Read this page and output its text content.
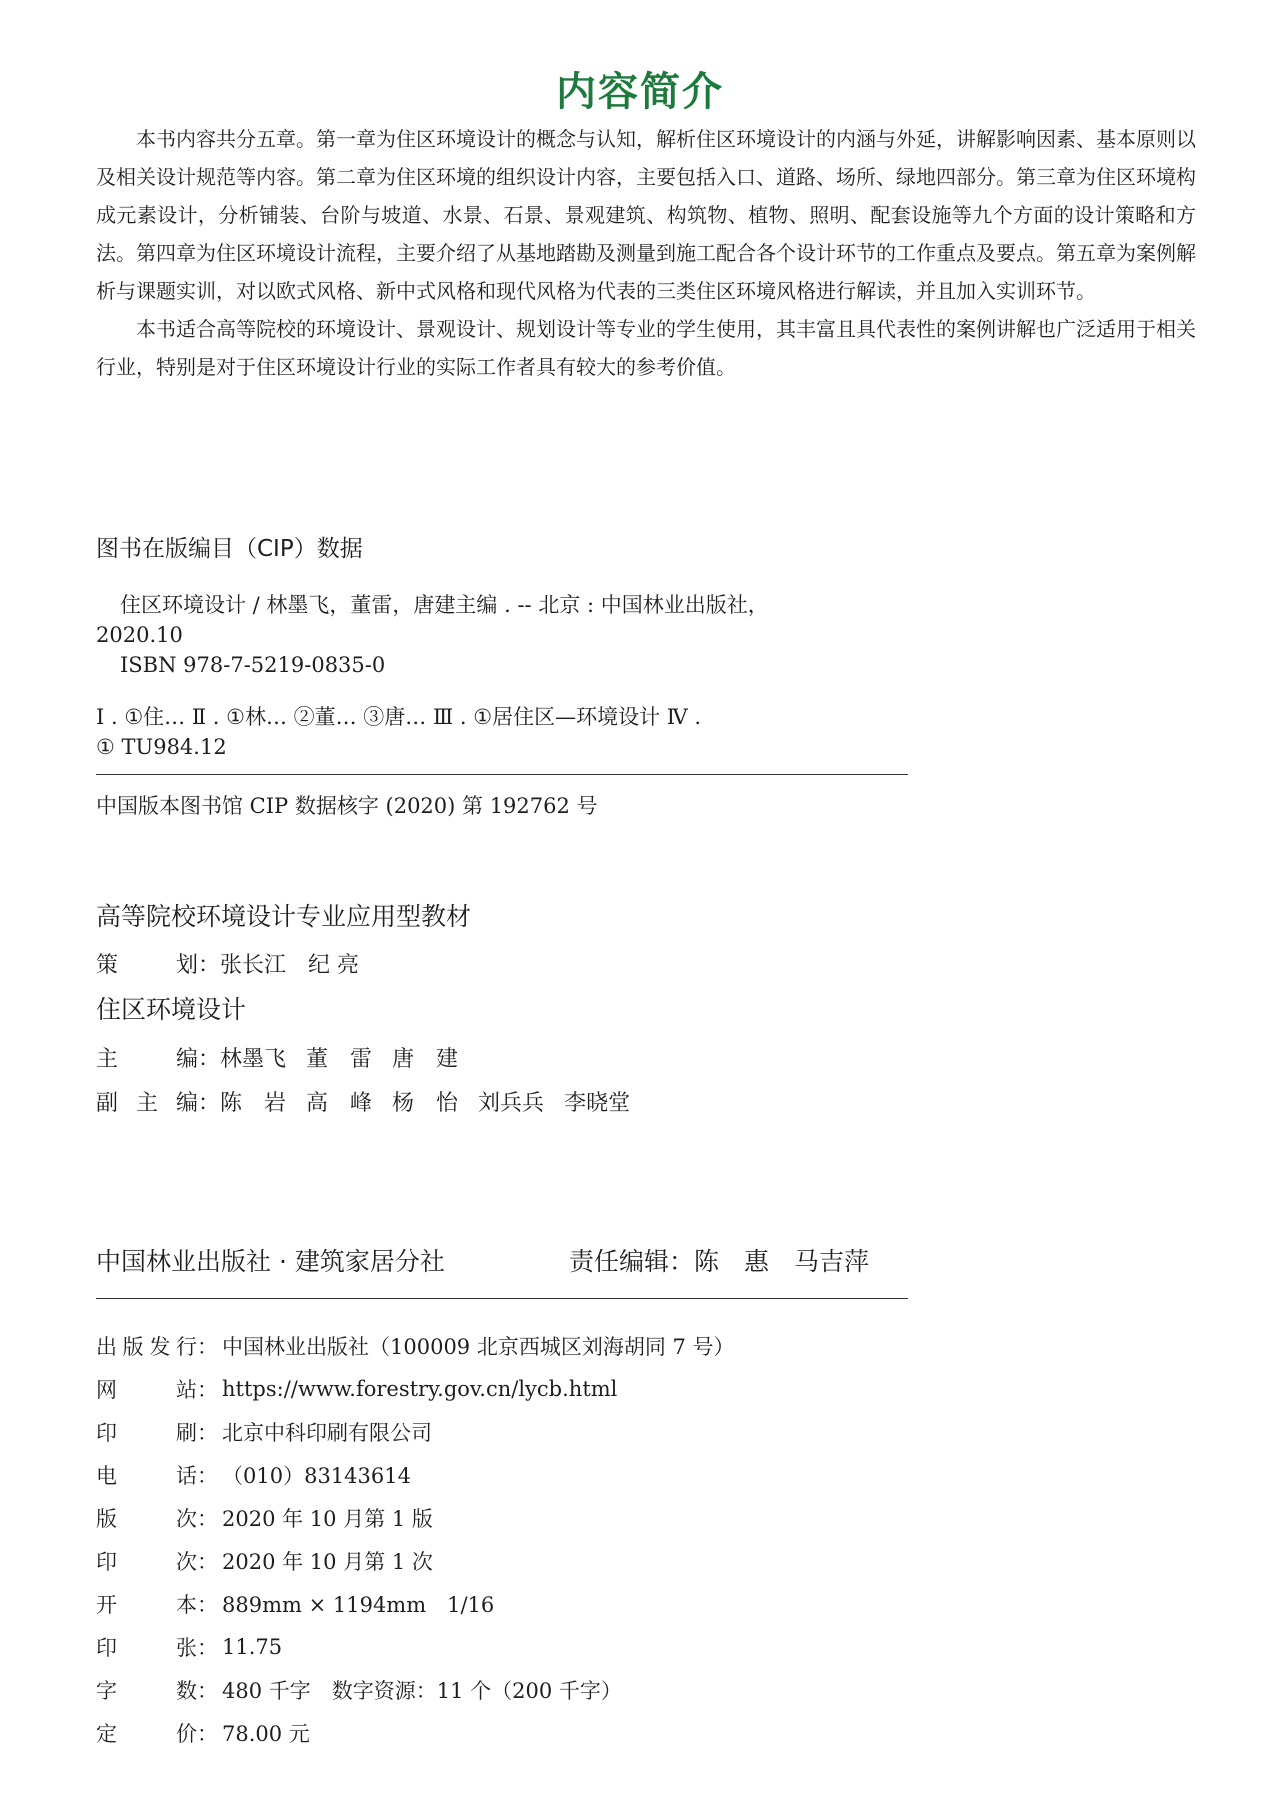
内容简介

本书内容共分五章。第一章为住区环境设计的概念与认知，解析住区环境设计的内涵与外延，讲解影响因素、基本原则以及相关设计规范等内容。第二章为住区环境的组织设计内容，主要包括入口、道路、场所、绿地四部分。第三章为住区环境构成元素设计，分析铺装、台阶与坡道、水景、石景、景观建筑、构筑物、植物、照明、配套设施等九个方面的设计策略和方法。第四章为住区环境设计流程，主要介绍了从基地踏勘及测量到施工配合各个设计环节的工作重点及要点。第五章为案例解析与课题实训，对以欧式风格、新中式风格和现代风格为代表的三类住区环境风格进行解读，并且加入实训环节。

本书适合高等院校的环境设计、景观设计、规划设计等专业的学生使用，其丰富且具代表性的案例讲解也广泛适用于相关行业，特别是对于住区环境设计行业的实际工作者具有较大的参考价值。

图书在版编目（CIP）数据
住区环境设计 / 林墨飞，董雷，唐建主编 . -- 北京 : 中国林业出版社，
2020.10
ISBN 978-7-5219-0835-0
Ⅰ . ①住… Ⅱ . ①林… ②董… ③唐… Ⅲ . ①居住区—环境设计 Ⅳ .
① TU984.12
中国版本图书馆 CIP 数据核字 (2020) 第 192762 号
高等院校环境设计专业应用型教材
策	划： 张长江　纪 亮
住区环境设计
主	编： 林墨飞 董　雷 唐　建
副 主 编： 陈　岩 高　峰 杨　怡 刘兵兵 李晓堂
中国林业出版社 · 建筑家居分社	责任编辑： 陈　惠　马吉萍
出 版 发 行： 中国林业出版社（100009 北京西城区刘海胡同 7 号）
网	站： https://www.forestry.gov.cn/lycb.html
印	刷： 北京中科印刷有限公司
电	话： （010）83143614
版	次： 2020 年 10 月第 1 版
印	次： 2020 年 10 月第 1 次
开	本： 889mm × 1194mm　1/16
印	张： 11.75
字	数： 480 千字　数字资源：11 个（200 千字）
定	价： 78.00 元
